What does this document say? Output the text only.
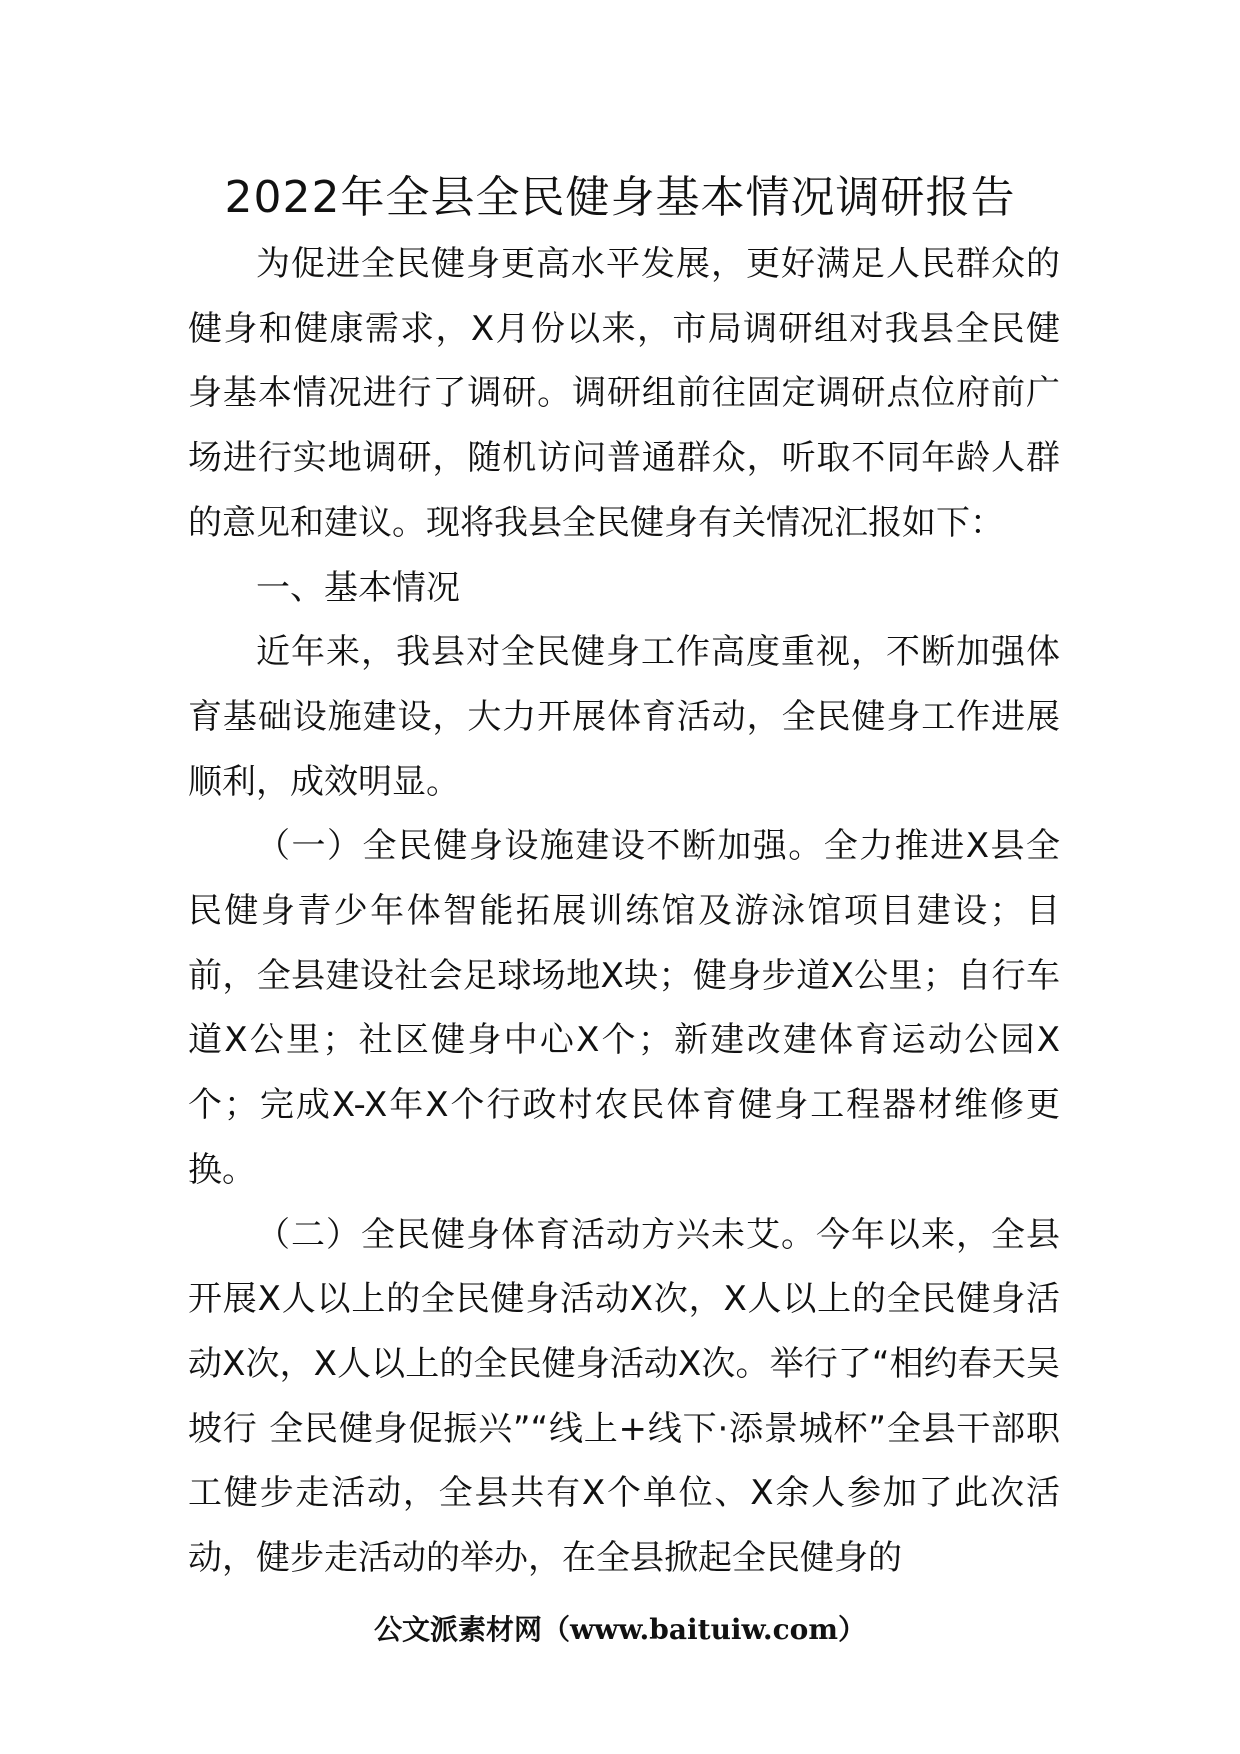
2022年全县全民健身基本情况调研报告

为促进全民健身更高水平发展，更好满足人民群众的健身和健康需求，X月份以来，市局调研组对我县全民健身基本情况进行了调研。调研组前往固定调研点位府前广场进行实地调研，随机访问普通群众，听取不同年龄人群的意见和建议。现将我县全民健身有关情况汇报如下：

一、基本情况

近年来，我县对全民健身工作高度重视，不断加强体育基础设施建设，大力开展体育活动，全民健身工作进展顺利，成效明显。

（一）全民健身设施建设不断加强。全力推进X县全民健身青少年体智能拓展训练馆及游泳馆项目建设；目前，全县建设社会足球场地X块；健身步道X公里；自行车道X公里；社区健身中心X个；新建改建体育运动公园X个；完成X-X年X个行政村农民体育健身工程器材维修更换。

（二）全民健身体育活动方兴未艾。今年以来，全县开展X人以上的全民健身活动X次，X人以上的全民健身活动X次，X人以上的全民健身活动X次。举行了“相约春天吴坡行 全民健身促振兴”“线上+线下·添景城杯”全县干部职工健步走活动，全县共有X个单位、X余人参加了此次活动，健步走活动的举办，在全县掀起全民健身的

公文派素材网（www.baituiw.com）
